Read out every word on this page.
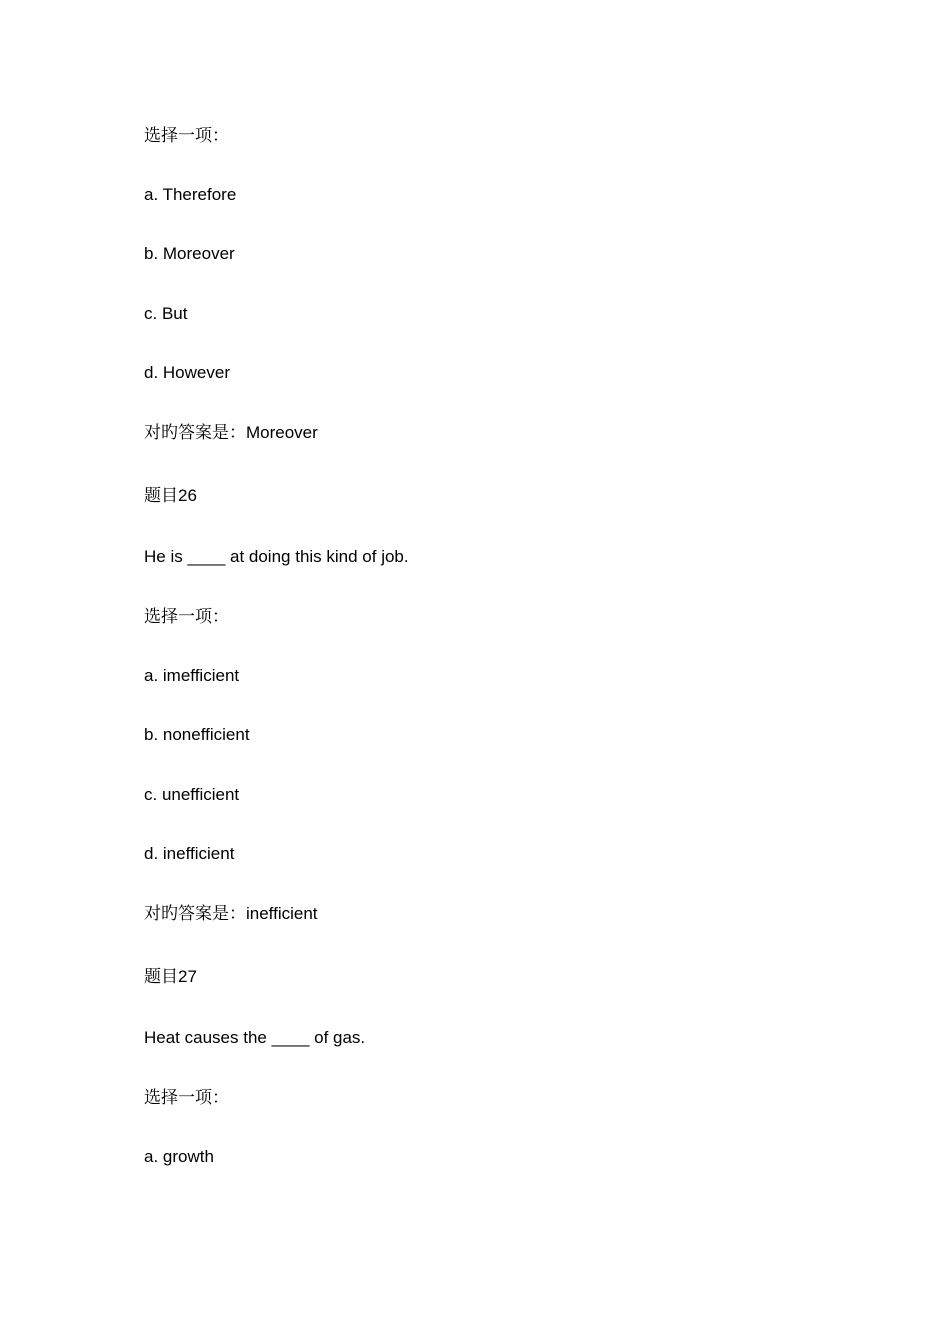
选择一项：
a. Therefore
b. Moreover
c. But
d. However
对旳答案是：Moreover
题目26
He is ____ at doing this kind of job.
选择一项：
a. imefficient
b. nonefficient
c. unefficient
d. inefficient
对旳答案是：inefficient
题目27
Heat causes the ____ of gas.
选择一项：
a. growth
